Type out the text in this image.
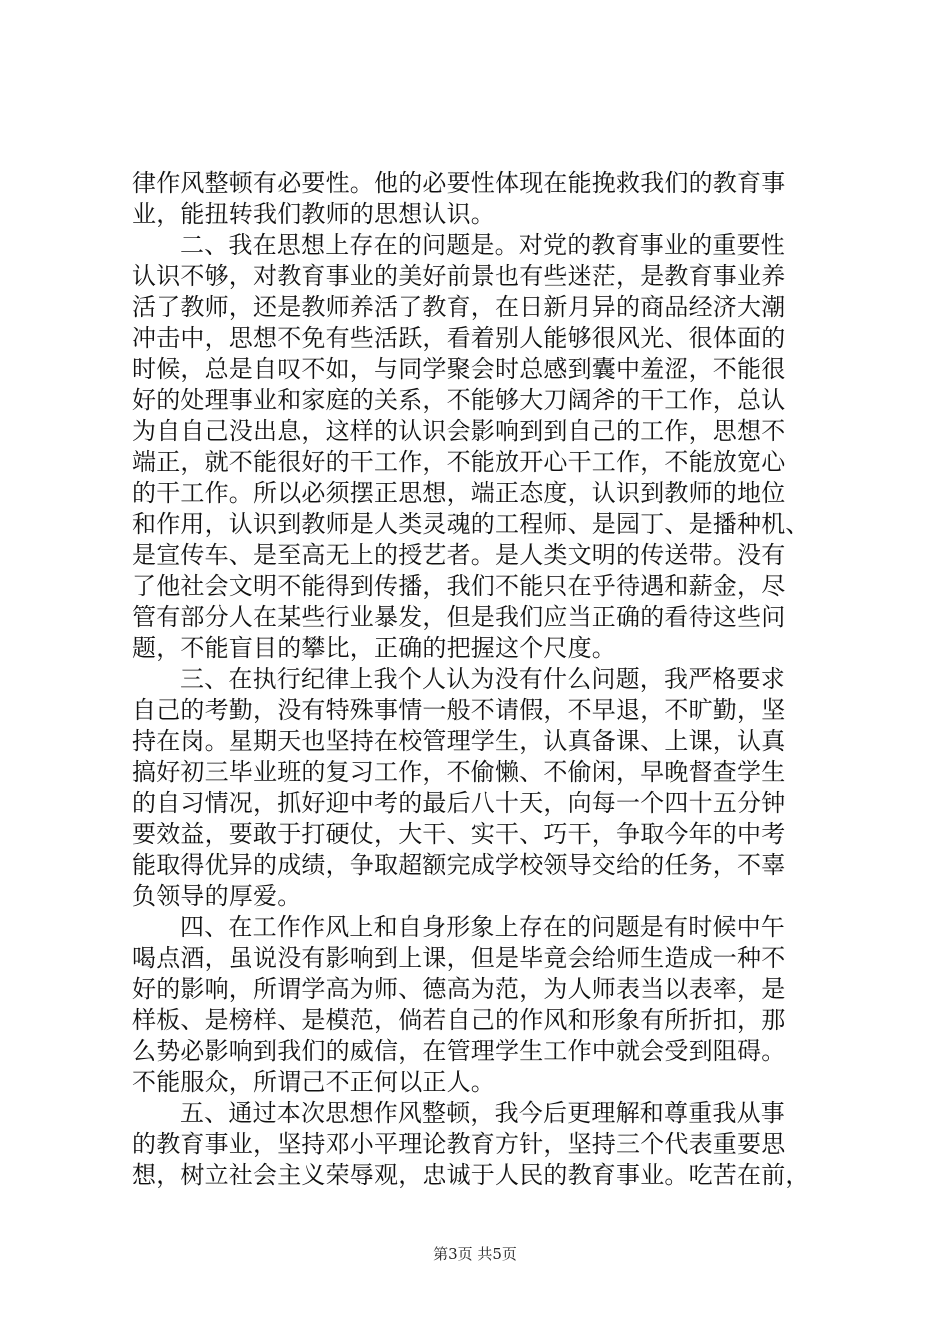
律作风整顿有必要性。他的必要性体现在能挽救我们的教育事
业，能扭转我们教师的思想认识。
二、我在思想上存在的问题是。对党的教育事业的重要性
认识不够，对教育事业的美好前景也有些迷茫，是教育事业养
活了教师，还是教师养活了教育，在日新月异的商品经济大潮
冲击中，思想不免有些活跃，看着别人能够很风光、很体面的
时候，总是自叹不如，与同学聚会时总感到囊中羞涩，不能很
好的处理事业和家庭的关系，不能够大刀阔斧的干工作，总认
为自自己没出息，这样的认识会影响到到自己的工作，思想不
端正，就不能很好的干工作，不能放开心干工作，不能放宽心
的干工作。所以必须摆正思想，端正态度，认识到教师的地位
和作用，认识到教师是人类灵魂的工程师、是园丁、是播种机、
是宣传车、是至高无上的授艺者。是人类文明的传送带。没有
了他社会文明不能得到传播，我们不能只在乎待遇和薪金，尽
管有部分人在某些行业暴发，但是我们应当正确的看待这些问
题，不能盲目的攀比，正确的把握这个尺度。
三、在执行纪律上我个人认为没有什么问题，我严格要求
自己的考勤，没有特殊事情一般不请假，不早退，不旷勤，坚
持在岗。星期天也坚持在校管理学生，认真备课、上课，认真
搞好初三毕业班的复习工作，不偷懒、不偷闲，早晚督查学生
的自习情况，抓好迎中考的最后八十天，向每一个四十五分钟
要效益，要敢于打硬仗，大干、实干、巧干，争取今年的中考
能取得优异的成绩，争取超额完成学校领导交给的任务，不辜
负领导的厚爱。
四、在工作作风上和自身形象上存在的问题是有时候中午
喝点酒，虽说没有影响到上课，但是毕竟会给师生造成一种不
好的影响，所谓学高为师、德高为范，为人师表当以表率，是
样板、是榜样、是模范，倘若自己的作风和形象有所折扣，那
么势必影响到我们的威信，在管理学生工作中就会受到阻碍。
不能服众，所谓己不正何以正人。
五、通过本次思想作风整顿，我今后更理解和尊重我从事
的教育事业，坚持邓小平理论教育方针，坚持三个代表重要思
想，树立社会主义荣辱观，忠诚于人民的教育事业。吃苦在前，
第3页 共5页
